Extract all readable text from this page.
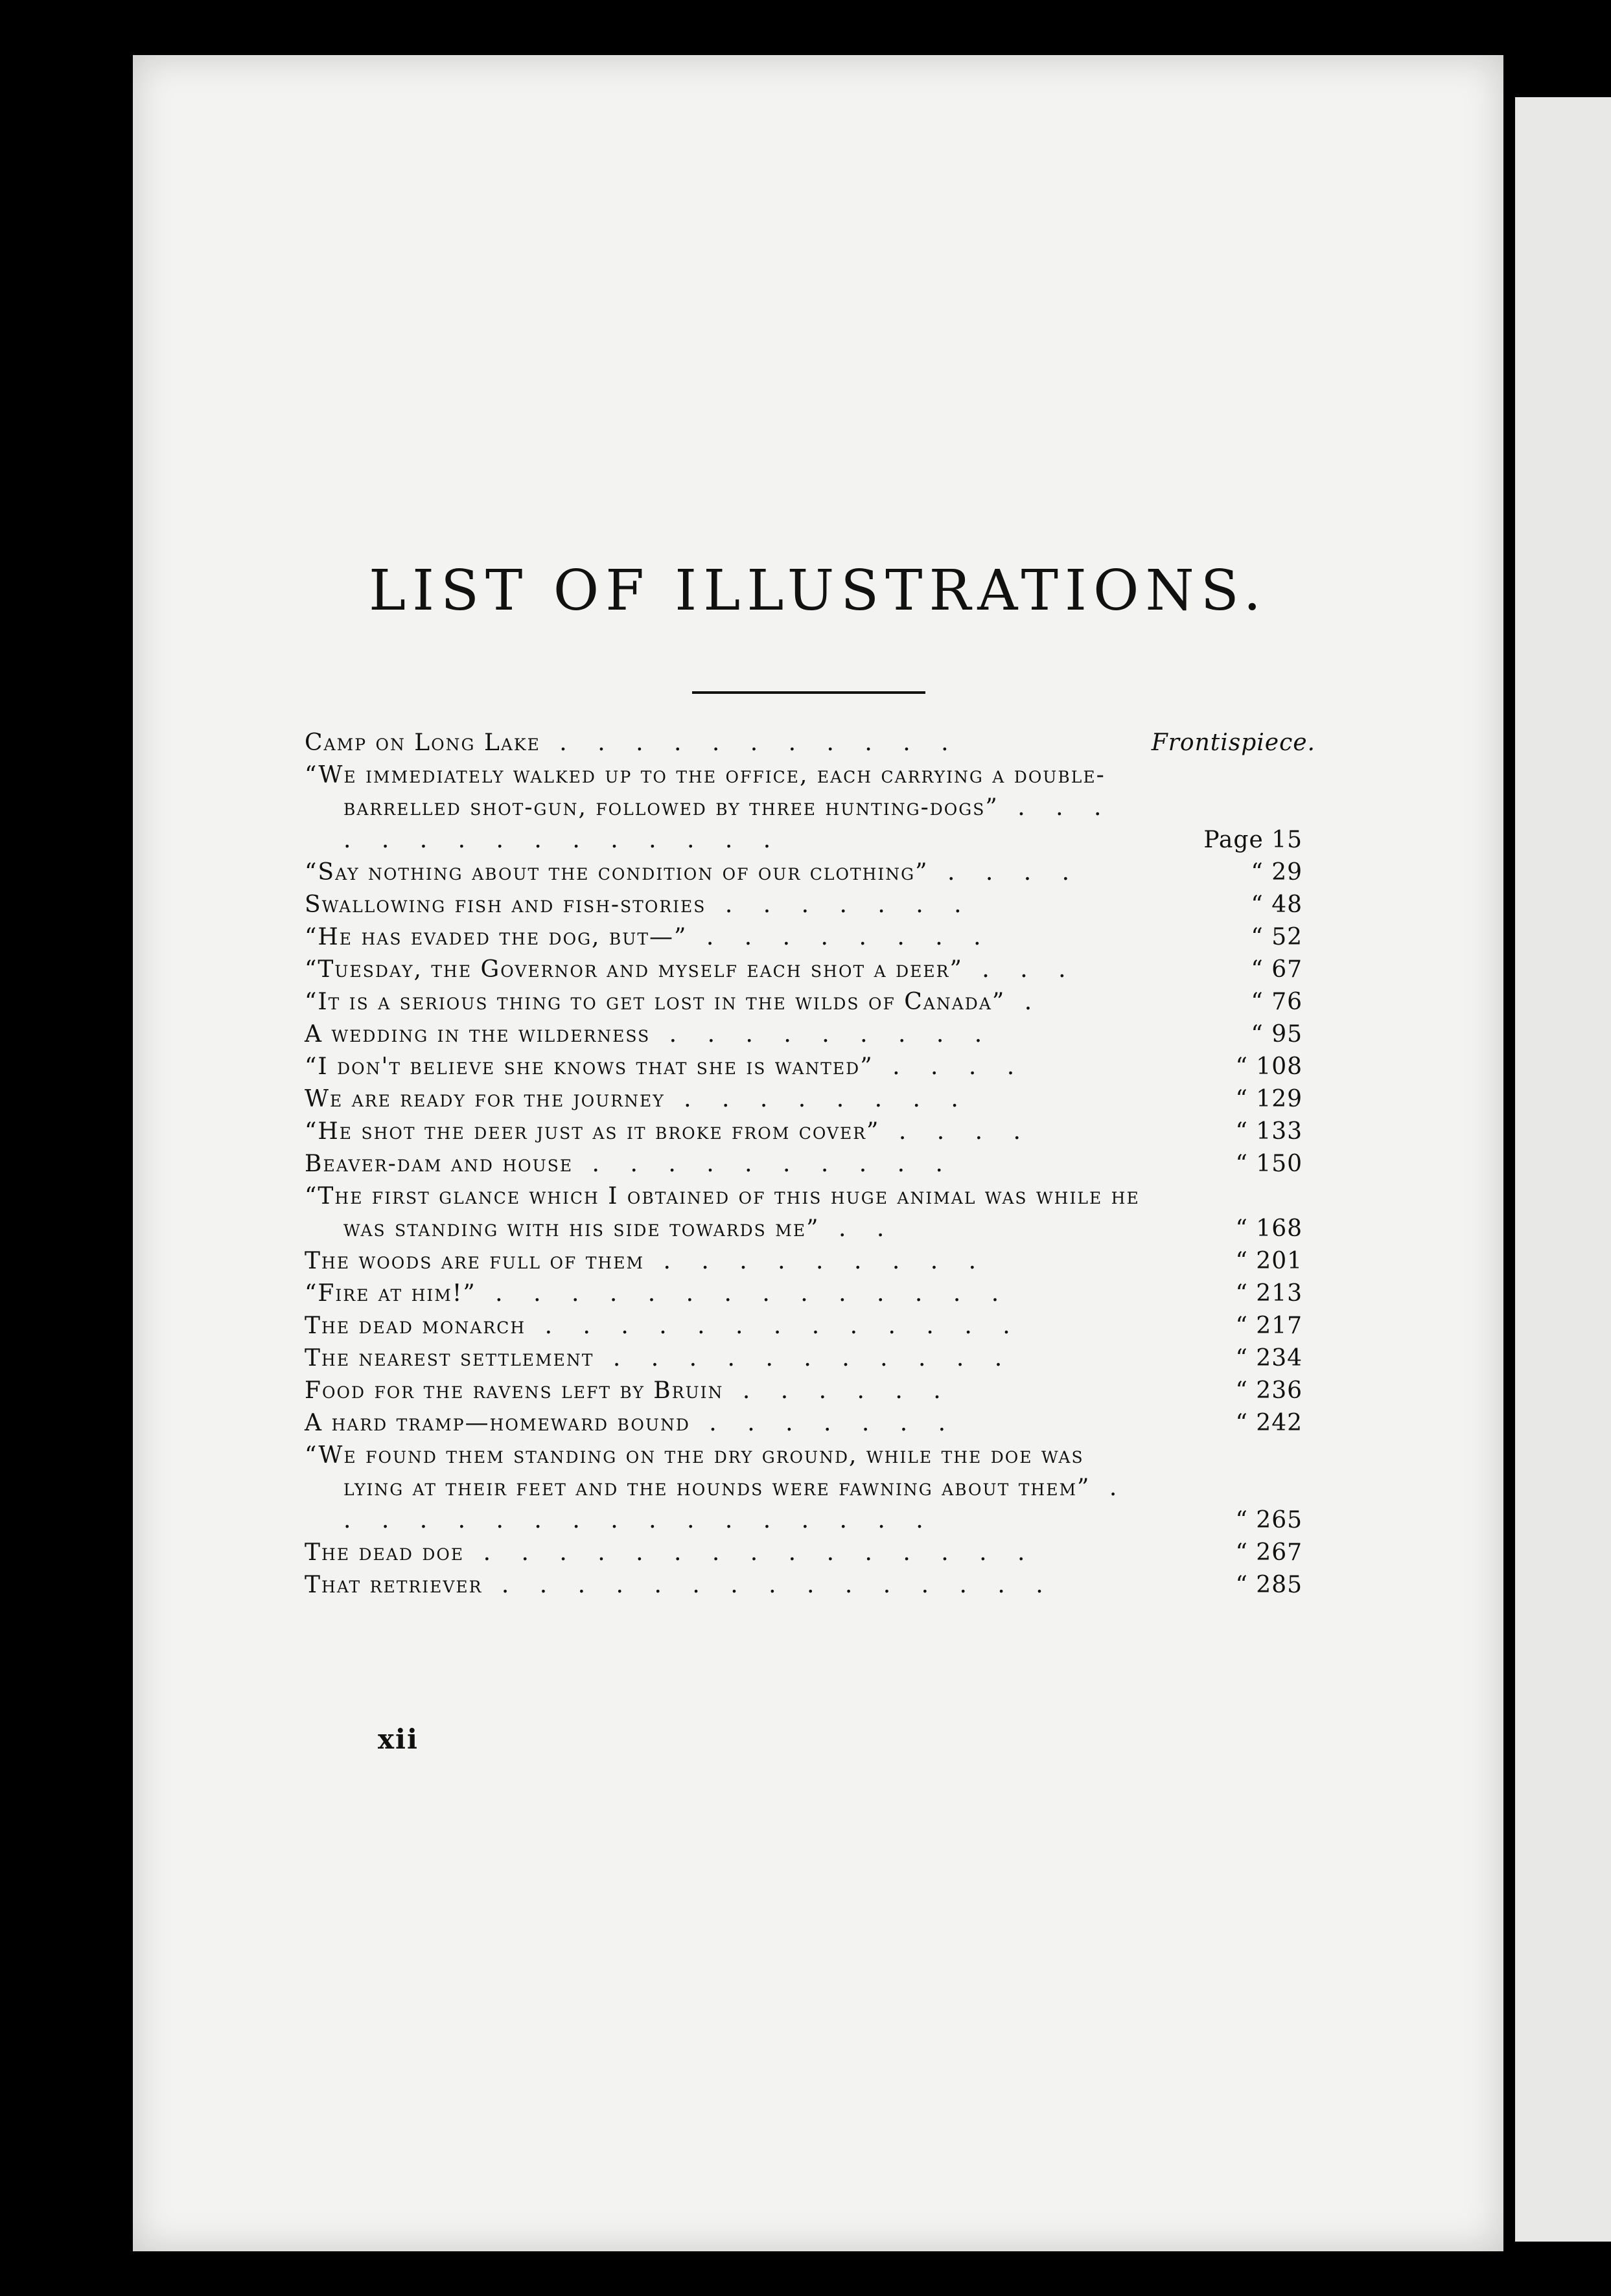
LIST OF ILLUSTRATIONS.
Camp on Long Lake . . . . . . . . . . .	Frontispiece.
“We immediately walked up to the office, each carrying a double-barrelled shot-gun, followed by three hunting-dogs” . . . . . . . . . . . . . . .	Page 15
“Say nothing about the condition of our clothing” . . . .	“ 29
Swallowing fish and fish-stories . . . . . . .	“ 48
“He has evaded the dog, but—” . . . . . . . .	“ 52
“Tuesday, the Governor and myself each shot a deer” . . .	“ 67
“It is a serious thing to get lost in the wilds of Canada” .	“ 76
A wedding in the wilderness . . . . . . . . .	“ 95
“I don't believe she knows that she is wanted” . . . .	“ 108
We are ready for the journey . . . . . . . .	“ 129
“He shot the deer just as it broke from cover” . . . .	“ 133
Beaver-dam and house . . . . . . . . . .	“ 150
“The first glance which I obtained of this huge animal was while he was standing with his side towards me” . .	“ 168
The woods are full of them . . . . . . . . .	“ 201
“Fire at him!” . . . . . . . . . . . . . .	“ 213
The dead monarch . . . . . . . . . . . . .	“ 217
The nearest settlement . . . . . . . . . . .	“ 234
Food for the ravens left by Bruin . . . . . .	“ 236
A hard tramp—homeward bound . . . . . . .	“ 242
“We found them standing on the dry ground, while the doe was lying at their feet and the hounds were fawning about them” . . . . . . . . . . . . . . . . .	“ 265
The dead doe . . . . . . . . . . . . . . .	“ 267
That retriever . . . . . . . . . . . . . . .	“ 285
xii
